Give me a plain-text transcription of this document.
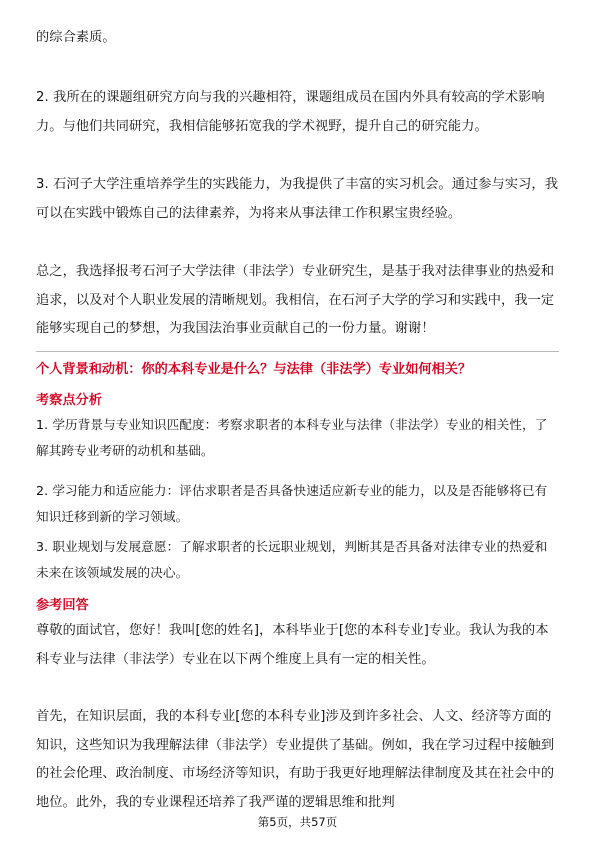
的综合素质。
2. 我所在的课题组研究方向与我的兴趣相符，课题组成员在国内外具有较高的学术影响力。与他们共同研究，我相信能够拓宽我的学术视野，提升自己的研究能力。
3. 石河子大学注重培养学生的实践能力，为我提供了丰富的实习机会。通过参与实习，我可以在实践中锻炼自己的法律素养，为将来从事法律工作积累宝贵经验。
总之，我选择报考石河子大学法律（非法学）专业研究生，是基于我对法律事业的热爱和追求，以及对个人职业发展的清晰规划。我相信，在石河子大学的学习和实践中，我一定能够实现自己的梦想，为我国法治事业贡献自己的一份力量。谢谢！
个人背景和动机：你的本科专业是什么？与法律（非法学）专业如何相关？
考察点分析
1. 学历背景与专业知识匹配度：考察求职者的本科专业与法律（非法学）专业的相关性，了解其跨专业考研的动机和基础。
2. 学习能力和适应能力：评估求职者是否具备快速适应新专业的能力，以及是否能够将已有知识迁移到新的学习领域。
3. 职业规划与发展意愿：了解求职者的长远职业规划，判断其是否具备对法律专业的热爱和未来在该领域发展的决心。
参考回答
尊敬的面试官，您好！我叫[您的姓名]，本科毕业于[您的本科专业]专业。我认为我的本科专业与法律（非法学）专业在以下两个维度上具有一定的相关性。
首先，在知识层面，我的本科专业[您的本科专业]涉及到许多社会、人文、经济等方面的知识，这些知识为我理解法律（非法学）专业提供了基础。例如，我在学习过程中接触到的社会伦理、政治制度、市场经济等知识，有助于我更好地理解法律制度及其在社会中的地位。此外，我的专业课程还培养了我严谨的逻辑思维和批判
第5页，共57页
